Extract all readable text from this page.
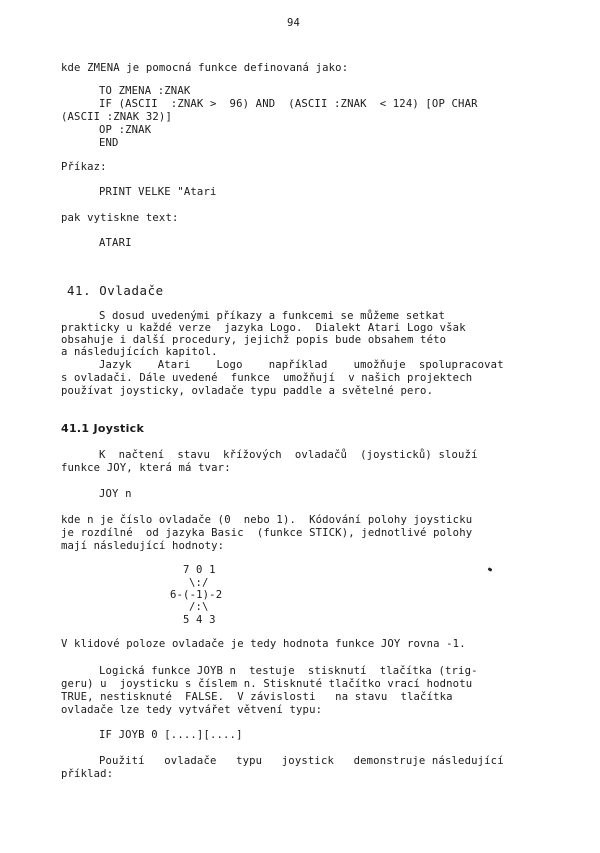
94
kde ZMENA je pomocná funkce definovaná jako:
TO ZMENA :ZNAK
IF (ASCII  :ZNAK >  96) AND  (ASCII :ZNAK  < 124) [OP CHAR
(ASCII :ZNAK 32)]
OP :ZNAK
END
Příkaz:
PRINT VELKE "Atari
pak vytiskne text:
ATARI
41. Ovladače
S dosud uvedenými příkazy a funkcemi se můžeme setkat
prakticky u každé verze  jazyka Logo.  Dialekt Atari Logo však
obsahuje i další procedury, jejichž popis bude obsahem této
a následujících kapitol.
Jazyk    Atari    Logo    například    umožňuje  spolupracovat
s ovladači. Dále uvedené  funkce  umožňují  v našich projektech
používat joysticky, ovladače typu paddle a světelné pero.
41.1 Joystick
K  načtení  stavu  křížových  ovladačů  (joysticků) slouží
funkce JOY, která má tvar:
JOY n
kde n je číslo ovladače (0  nebo 1).  Kódování polohy joysticku
je rozdílné  od jazyka Basic  (funkce STICK), jednotlivé polohy
mají následující hodnoty:
7 0 1
\:/
6-(-1)-2
/:\
5 4 3
V klidové poloze ovladače je tedy hodnota funkce JOY rovna -1.
Logická funkce JOYB n  testuje  stisknutí  tlačítka (trig-
geru) u  joysticku s číslem n. Stisknuté tlačítko vrací hodnotu
TRUE, nestisknuté  FALSE.  V závislosti   na stavu  tlačítka
ovladače lze tedy vytvářet větvení typu:
IF JOYB 0 [....][....]
Použití   ovladače   typu   joystick   demonstruje následující
příklad:
